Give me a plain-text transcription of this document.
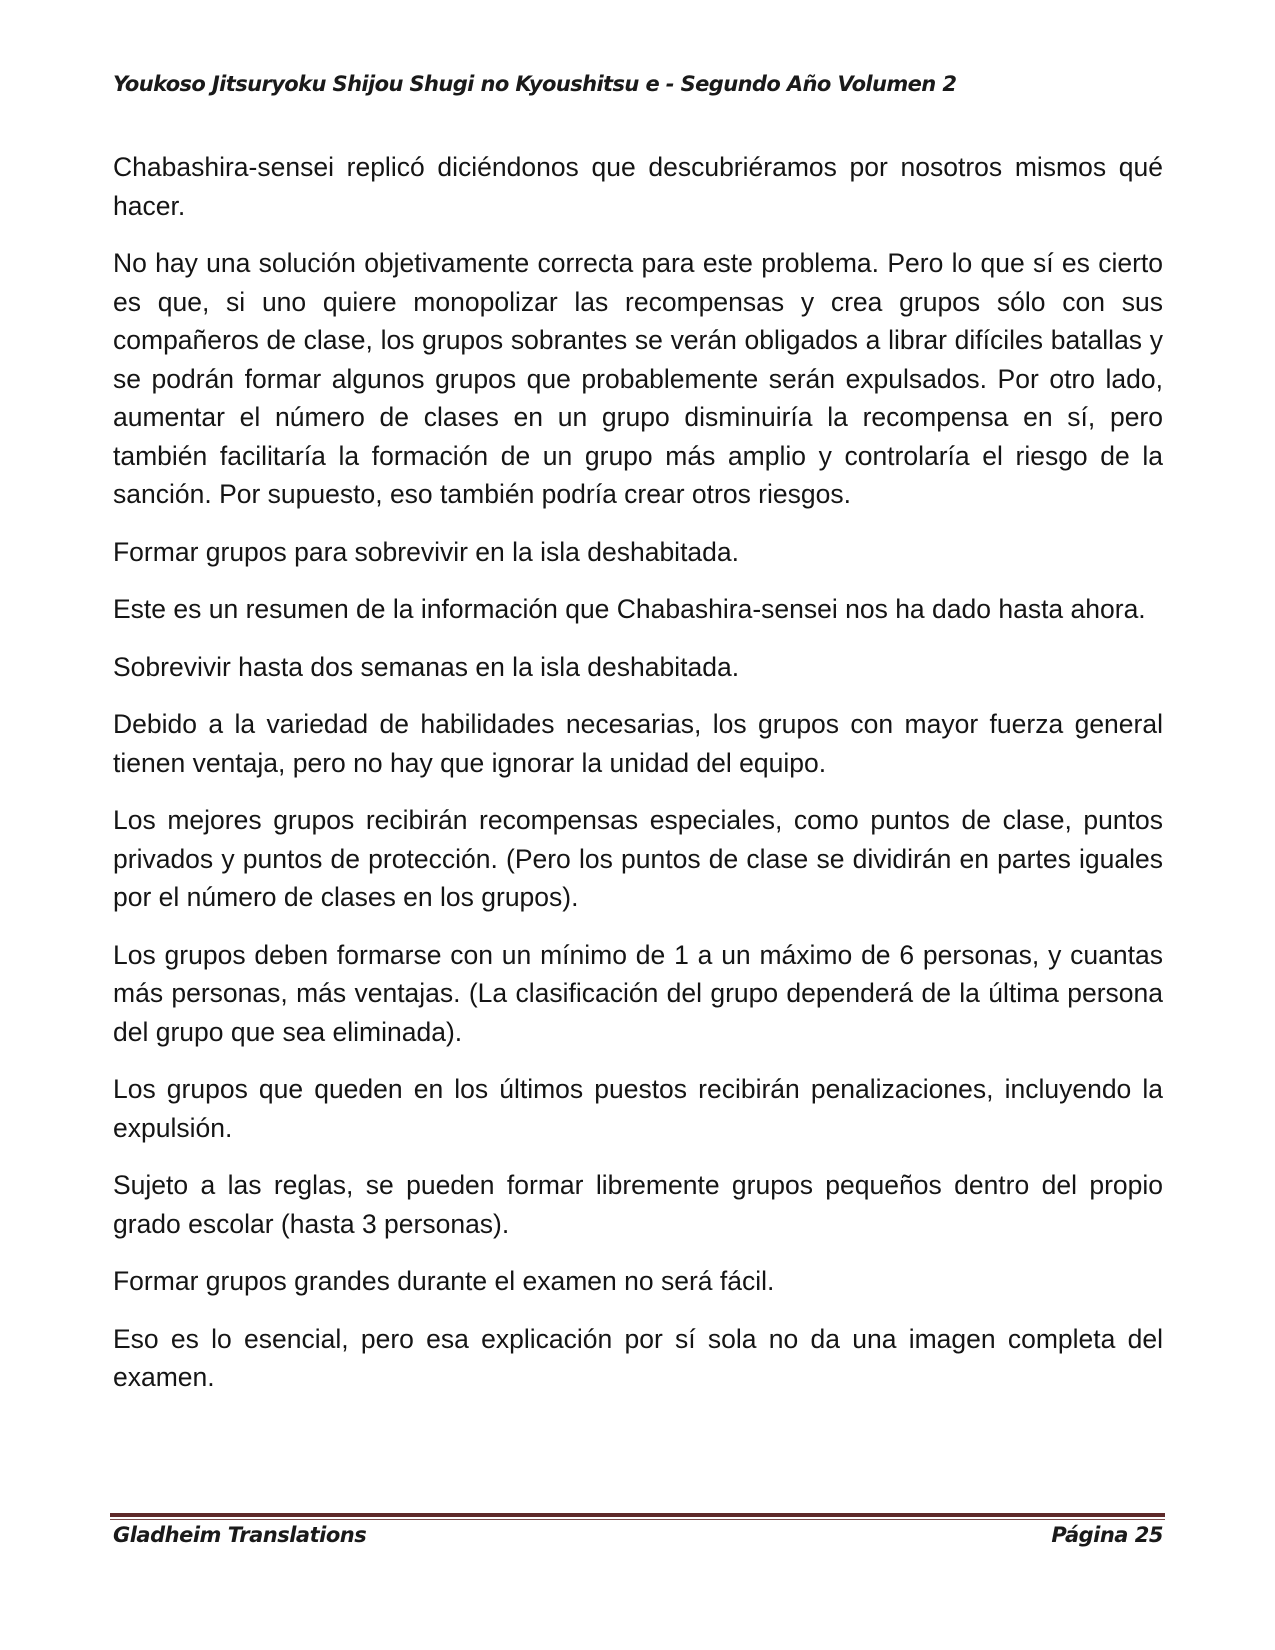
Youkoso Jitsuryoku Shijou Shugi no Kyoushitsu e - Segundo Año Volumen 2

Chabashira-sensei replicó diciéndonos que descubriéramos por nosotros mismos qué hacer.

No hay una solución objetivamente correcta para este problema. Pero lo que sí es cierto es que, si uno quiere monopolizar las recompensas y crea grupos sólo con sus compañeros de clase, los grupos sobrantes se verán obligados a librar difíciles batallas y se podrán formar algunos grupos que probablemente serán expulsados. Por otro lado, aumentar el número de clases en un grupo disminuiría la recompensa en sí, pero también facilitaría la formación de un grupo más amplio y controlaría el riesgo de la sanción. Por supuesto, eso también podría crear otros riesgos.

Formar grupos para sobrevivir en la isla deshabitada.

Este es un resumen de la información que Chabashira-sensei nos ha dado hasta ahora.

Sobrevivir hasta dos semanas en la isla deshabitada.

Debido a la variedad de habilidades necesarias, los grupos con mayor fuerza general tienen ventaja, pero no hay que ignorar la unidad del equipo.

Los mejores grupos recibirán recompensas especiales, como puntos de clase, puntos privados y puntos de protección. (Pero los puntos de clase se dividirán en partes iguales por el número de clases en los grupos).

Los grupos deben formarse con un mínimo de 1 a un máximo de 6 personas, y cuantas más personas, más ventajas. (La clasificación del grupo dependerá de la última persona del grupo que sea eliminada).

Los grupos que queden en los últimos puestos recibirán penalizaciones, incluyendo la expulsión.

Sujeto a las reglas, se pueden formar libremente grupos pequeños dentro del propio grado escolar (hasta 3 personas).

Formar grupos grandes durante el examen no será fácil.

Eso es lo esencial, pero esa explicación por sí sola no da una imagen completa del examen.

Gladheim Translations	Página 25
